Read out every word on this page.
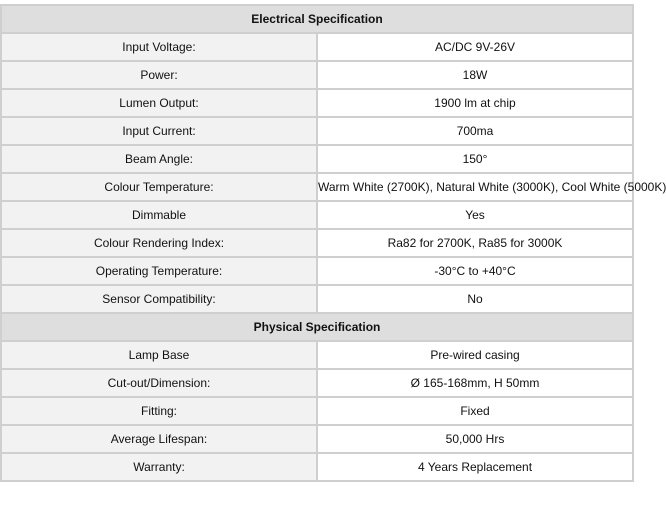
Electrical Specification	
Input Voltage:	AC/DC 9V-26V
Power:	18W
Lumen Output:	1900 lm at chip
Input Current:	700ma
Beam Angle:	150°
Colour Temperature:	Warm White (2700K), Natural White (3000K), Cool White (5000K)
Dimmable	Yes
Colour Rendering Index:	Ra82 for 2700K, Ra85 for 3000K
Operating Temperature:	-30°C to +40°C
Sensor Compatibility:	No
Physical Specification	
Lamp Base	Pre-wired casing
Cut-out/Dimension:	Ø 165-168mm, H 50mm
Fitting:	Fixed
Average Lifespan:	50,000 Hrs
Warranty:	4 Years Replacement
